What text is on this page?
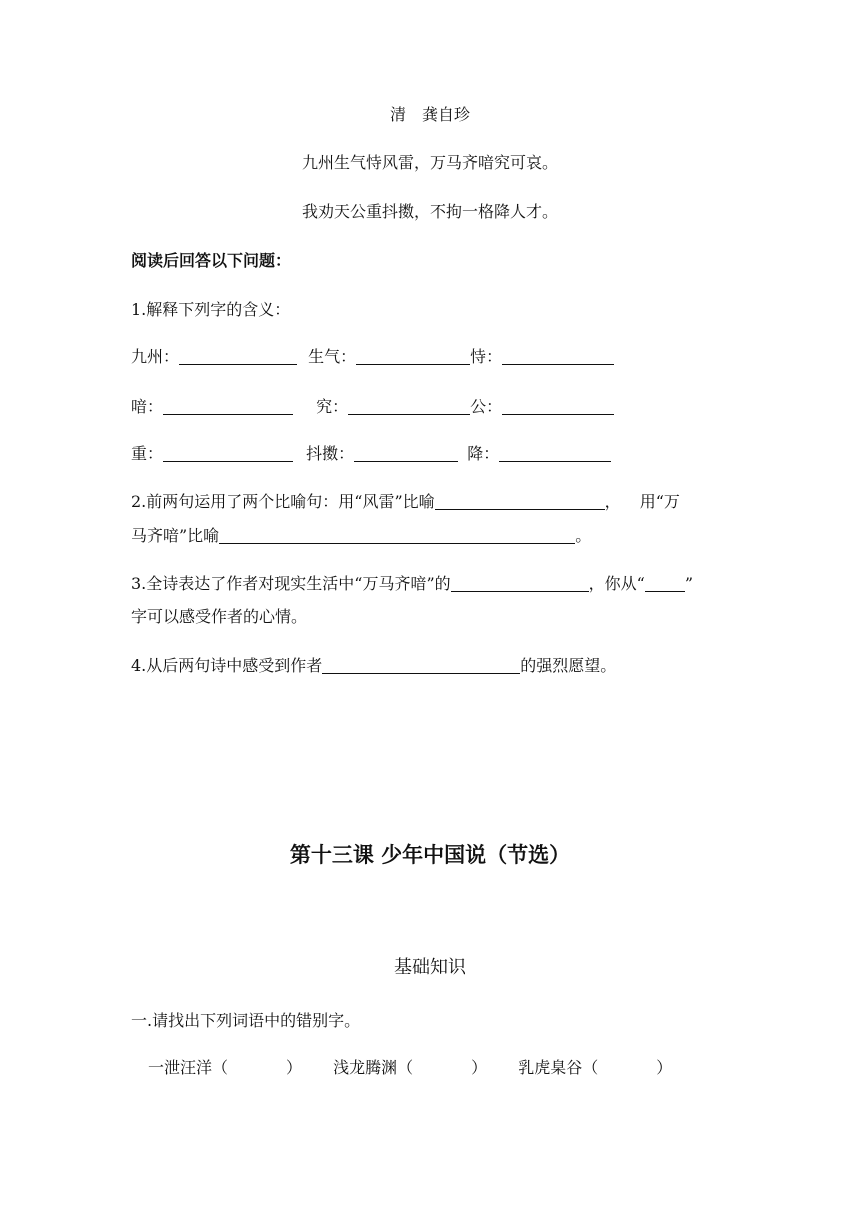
清　龚自珍
九州生气恃风雷，万马齐喑究可哀。
我劝天公重抖擞，不拘一格降人才。
阅读后回答以下问题：
1.解释下列字的含义：
九州：	生气：	恃：
喑：	究：	公：
重：	抖擞：	降：
2.前两句运用了两个比喻句：用“风雷”比喻	， 用“万
马齐喑”比喻	。
3.全诗表达了作者对现实生活中“万马齐喑”的	，你从“	”
字可以感受作者的心情。
4.从后两句诗中感受到作者	的强烈愿望。
第十三课 少年中国说（节选）
基础知识
一.请找出下列词语中的错别字。
一泄汪洋（	） 浅龙腾渊（	） 乳虎臬谷（	）
